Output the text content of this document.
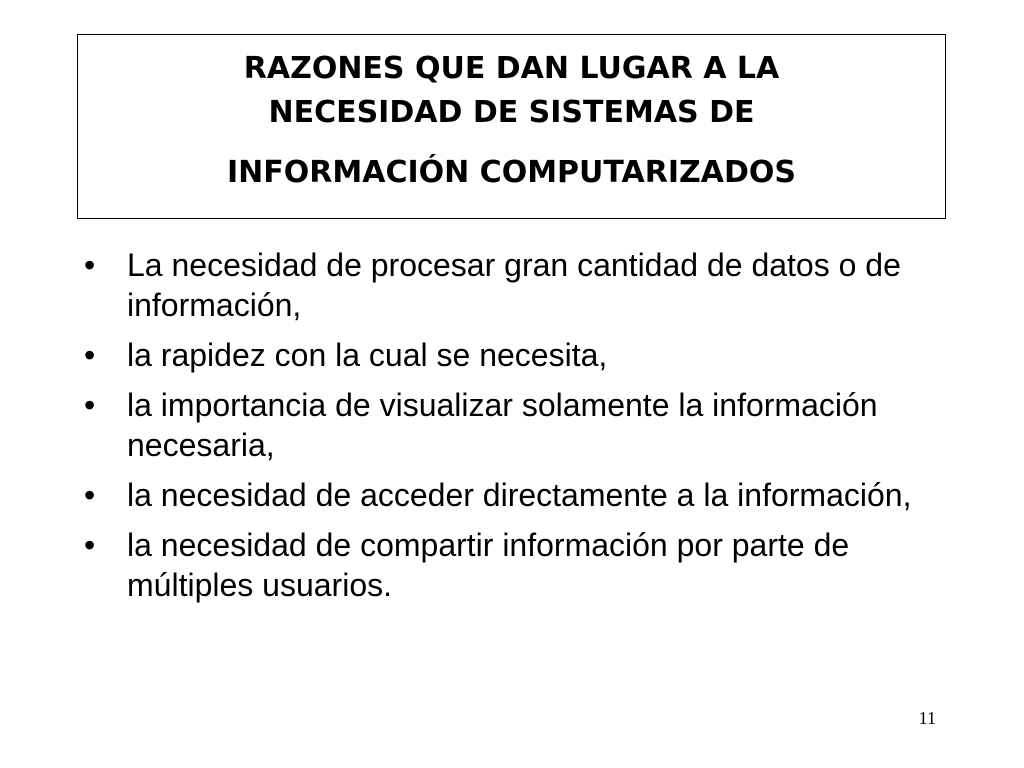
RAZONES QUE DAN LUGAR A LA
NECESIDAD DE SISTEMAS DE
INFORMACIÓN COMPUTARIZADOS
• La necesidad de procesar gran cantidad de datos o de información,
• la rapidez con la cual se necesita,
• la importancia de visualizar solamente la información necesaria,
• la necesidad de acceder directamente a la información,
• la necesidad de compartir información por parte de múltiples usuarios.
11
